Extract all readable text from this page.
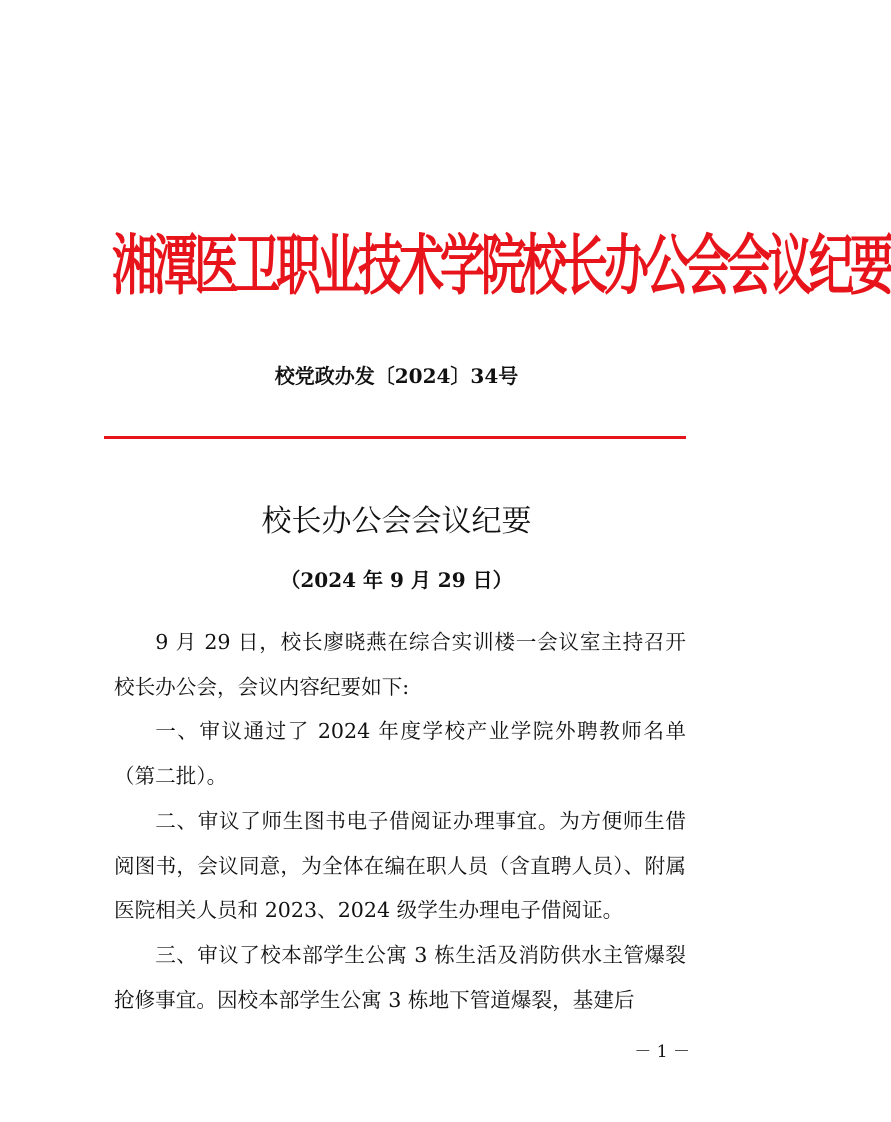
湘潭医卫职业技术学院校长办公会会议纪要
校党政办发〔2024〕34号
校长办公会会议纪要
（2024 年 9 月 29 日）

9 月 29 日，校长廖晓燕在综合实训楼一会议室主持召开校长办公会，会议内容纪要如下:

一、审议通过了 2024 年度学校产业学院外聘教师名单（第二批）。

二、审议了师生图书电子借阅证办理事宜。为方便师生借阅图书，会议同意，为全体在编在职人员（含直聘人员）、附属医院相关人员和 2023、2024 级学生办理电子借阅证。

三、审议了校本部学生公寓 3 栋生活及消防供水主管爆裂抢修事宜。因校本部学生公寓 3 栋地下管道爆裂，基建后

－ 1 －
